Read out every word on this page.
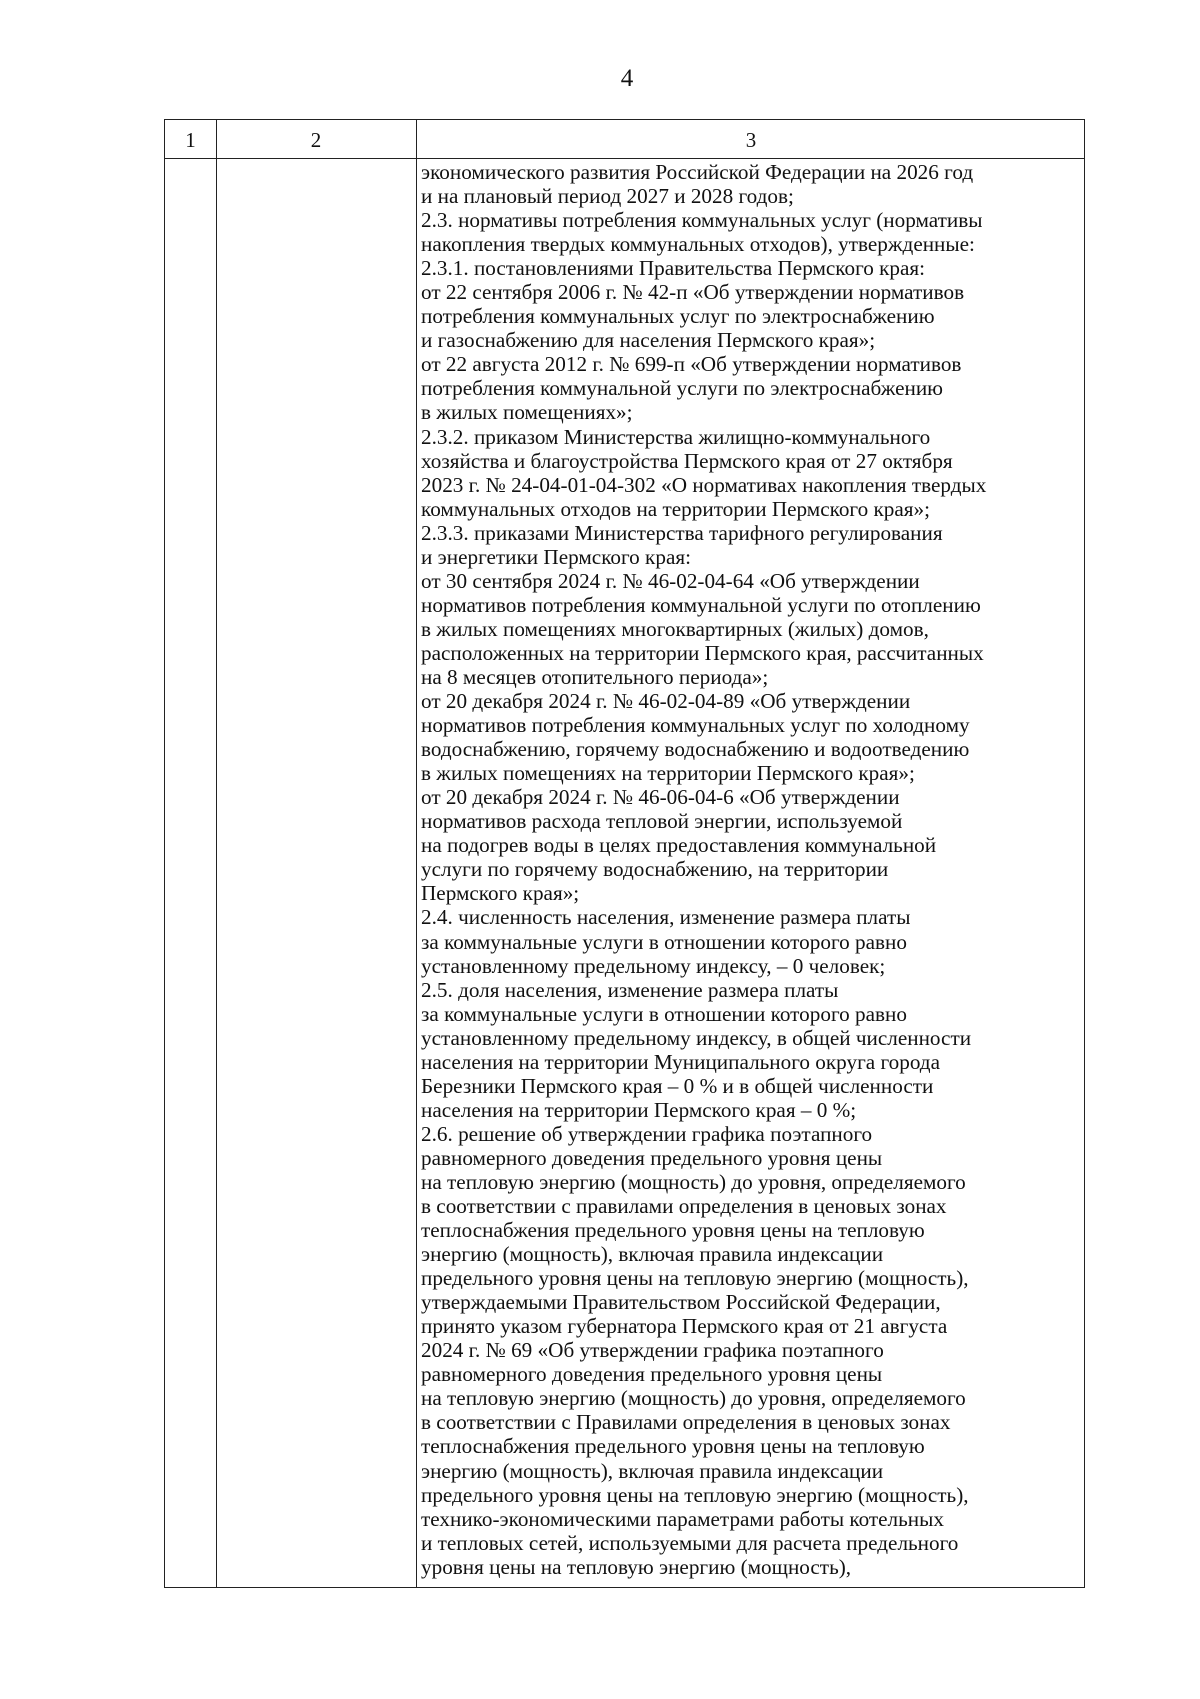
4
1	2	3
экономического развития Российской Федерации на 2026 год
и на плановый период 2027 и 2028 годов;
2.3. нормативы потребления коммунальных услуг (нормативы
накопления твердых коммунальных отходов), утвержденные:
2.3.1. постановлениями Правительства Пермского края:
от 22 сентября 2006 г. № 42-п «Об утверждении нормативов
потребления коммунальных услуг по электроснабжению
и газоснабжению для населения Пермского края»;
от 22 августа 2012 г. № 699-п «Об утверждении нормативов
потребления коммунальной услуги по электроснабжению
в жилых помещениях»;
2.3.2. приказом Министерства жилищно-коммунального
хозяйства и благоустройства Пермского края от 27 октября
2023 г. № 24-04-01-04-302 «О нормативах накопления твердых
коммунальных отходов на территории Пермского края»;
2.3.3. приказами Министерства тарифного регулирования
и энергетики Пермского края:
от 30 сентября 2024 г. № 46-02-04-64 «Об утверждении
нормативов потребления коммунальной услуги по отоплению
в жилых помещениях многоквартирных (жилых) домов,
расположенных на территории Пермского края, рассчитанных
на 8 месяцев отопительного периода»;
от 20 декабря 2024 г. № 46-02-04-89 «Об утверждении
нормативов потребления коммунальных услуг по холодному
водоснабжению, горячему водоснабжению и водоотведению
в жилых помещениях на территории Пермского края»;
от 20 декабря 2024 г. № 46-06-04-6 «Об утверждении
нормативов расхода тепловой энергии, используемой
на подогрев воды в целях предоставления коммунальной
услуги по горячему водоснабжению, на территории
Пермского края»;
2.4. численность населения, изменение размера платы
за коммунальные услуги в отношении которого равно
установленному предельному индексу, – 0 человек;
2.5. доля населения, изменение размера платы
за коммунальные услуги в отношении которого равно
установленному предельному индексу, в общей численности
населения на территории Муниципального округа города
Березники Пермского края – 0 % и в общей численности
населения на территории Пермского края – 0 %;
2.6. решение об утверждении графика поэтапного
равномерного доведения предельного уровня цены
на тепловую энергию (мощность) до уровня, определяемого
в соответствии с правилами определения в ценовых зонах
теплоснабжения предельного уровня цены на тепловую
энергию (мощность), включая правила индексации
предельного уровня цены на тепловую энергию (мощность),
утверждаемыми Правительством Российской Федерации,
принято указом губернатора Пермского края от 21 августа
2024 г. № 69 «Об утверждении графика поэтапного
равномерного доведения предельного уровня цены
на тепловую энергию (мощность) до уровня, определяемого
в соответствии с Правилами определения в ценовых зонах
теплоснабжения предельного уровня цены на тепловую
энергию (мощность), включая правила индексации
предельного уровня цены на тепловую энергию (мощность),
технико-экономическими параметрами работы котельных
и тепловых сетей, используемыми для расчета предельного
уровня цены на тепловую энергию (мощность),
